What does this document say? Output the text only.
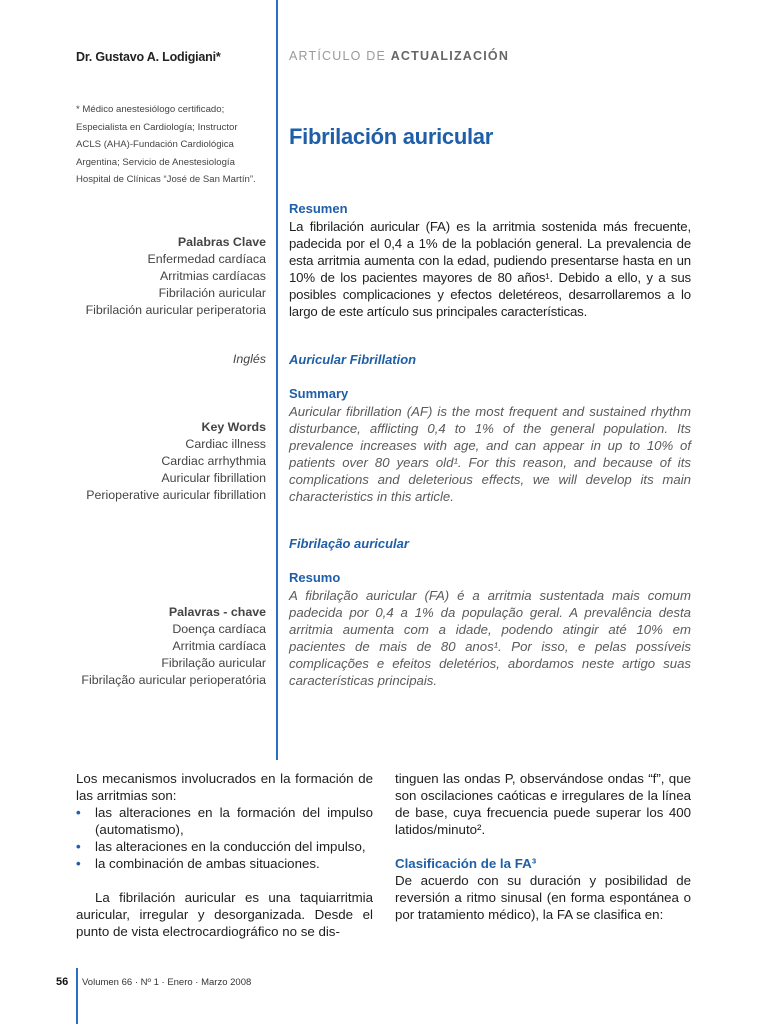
Dr. Gustavo A. Lodigiani*	ARTÍCULO DE ACTUALIZACIÓN
* Médico anestesiólogo certificado;
Especialista en Cardiología; Instructor
ACLS (AHA)-Fundación Cardiológica
Argentina; Servicio de Anestesiología
Hospital de Clínicas “José de San Martín”.
Fibrilación auricular
Palabras Clave
Enfermedad cardíaca
Arritmias cardíacas
Fibrilación auricular
Fibrilación auricular periperatoria
Resumen
La fibrilación auricular (FA) es la arritmia sostenida más frecuente, padecida por el 0,4 a 1% de la población general. La prevalencia de esta arritmia aumenta con la edad, pudiendo presentarse hasta en un 10% de los pacientes mayores de 80 años¹. Debido a ello, y a sus posibles complicaciones y efectos deletéreos, desarrollaremos a lo largo de este artículo sus principales características.
Inglés Auricular Fibrillation
Key Words
Cardiac illness
Cardiac arrhythmia
Auricular fibrillation
Perioperative auricular fibrillation
Summary
Auricular fibrillation (AF) is the most frequent and sustained rhythm disturbance, afflicting 0,4 to 1% of the general population. Its prevalence increases with age, and can appear in up to 10% of patients over 80 years old¹. For this reason, and because of its complications and deleterious effects, we will develop its main characteristics in this article.
Fibrilação auricular
Palavras - chave
Doença cardíaca
Arritmia cardíaca
Fibrilação auricular
Fibrilação auricular perioperatória
Resumo
A fibrilação auricular (FA) é a arritmia sustentada mais comum padecida por 0,4 a 1% da população geral. A prevalência desta arritmia aumenta com a idade, podendo atingir até 10% em pacientes de mais de 80 anos¹. Por isso, e pelas possíveis complicações e efeitos deletérios, abordamos neste artigo suas características principais.

Los mecanismos involucrados en la formación de las arritmias son:

• las alteraciones en la formación del impulso (automatismo),
• las alteraciones en la conducción del impulso,
• la combinación de ambas situaciones.

La fibrilación auricular es una taquiarritmia auricular, irregular y desorganizada. Desde el punto de vista electrocardiográfico no se dis-

tinguen las ondas P, observándose ondas “f”, que son oscilaciones caóticas e irregulares de la línea de base, cuya frecuencia puede superar los 400 latidos/minuto².

Clasificación de la FA³

De acuerdo con su duración y posibilidad de reversión a ritmo sinusal (en forma espontánea o por tratamiento médico), la FA se clasifica en:

56 Volumen 66 · Nº 1 · Enero · Marzo 2008
